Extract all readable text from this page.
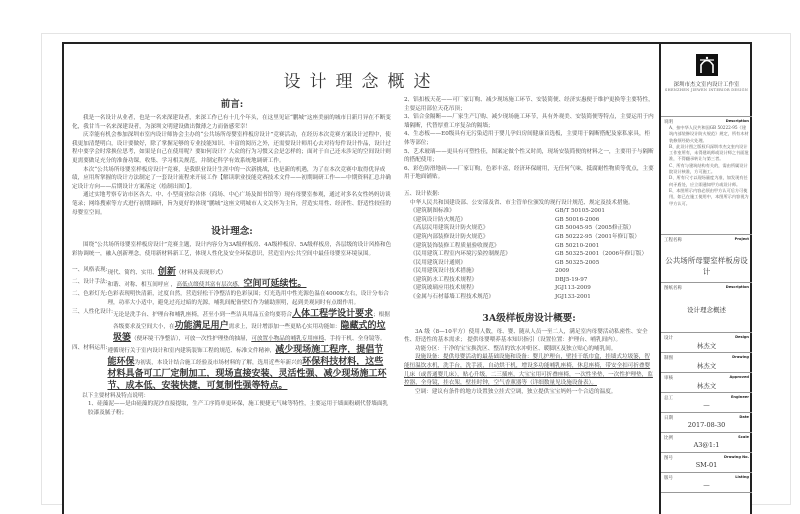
设计理念概述
前言:

我是一名设计从业者，也是一名来深建设者，来深工作已有十几个年头，在这里见证“鹏城”这座美丽的城市日新月异在不断变化，我甘当一名来深建设者，为深圳文明建设做出微薄之力而备感荣幸！

庆幸能有机会参加深圳市室内设计师协会主办的“公共场所母婴室样板房设计”竞赛活动，在经历本次竞赛方案设计过程中，使我更加清楚明白，设计要做好，除了掌握足够的专业技能知识、丰富的阅历之外，还需要设计师用心去对待每件设计作品，设计过程中要学会时常换位思考，如果是自己在使用呢？要如何设计？大众的行为习惯又会是怎样的；面对于自己还未涉足的空间设计则更需要做足充分的准备功课，收集、学习相关规范，并制定科学有效系统地调研工作。

本次“公共场所母婴室样板房设计”竞赛，是我职业设计生涯中的一次新挑战，也是新的机遇，为了在本次竞赛中取得优异成绩，应用所掌握的设计方法制定了一套设计流程来开展工作【解读职业技能竞赛技术文件——初期调研工作——中期资料汇总并确定设计方向——后期设计方案落定（绘制出图）】。

通过实地考察专访市区各大、中、小型商业综合体（商场、中心广场及图书馆等）现有母婴室参观，通过对多名女性妈妈访谈笔录；网络搜索等方式进行初期调研，旨为更好的体现“鹏城”这座文明城市人文关怀为主旨，营造实用性、经济性、舒适性较佳的母婴室空间。

设计理念:

围绕“公共场所母婴室样板房设计”竞赛主题，设计内容分为3A级样板房、4A级样板房、5A级样板房，各层级的设计风格和色彩协调统一，融入创新理念，使用新材料新工艺，体现人性化及安全环保意识，营造室内公共空间中最佳母婴室环境氛围。

一、风格表现: 现代、简约、实用、创新（材料及表现形式）
二、设计手法: 和谐、对称、相互间呼应 ，高低点缀使其富有层次感，空间可延续性。
二、色彩灯光: 色彩表现明快清新，过度自然，营造轻松干净整洁的色彩氛围；灯光选用中性光源色温在4000K左右，设计分布合理，功率大小适中，避免过亮过暗的光源，哺乳间配备壁灯作为辅助照明，起到美观同时有点缀作用。
三、人性化设计: 无论是洗手台、护理台和哺乳座椅，甚至小到一些洁具用品五金均要符合人体工程学设计要求；根据各级要求及空间大小，在功能满足用户需求上，设计增添加一些更贴心实用功能如：隐藏式的垃圾篓（便环境干净整洁），可放一次性护理垫的抽屉，可放置小物品的哺乳专用座椅、手持干机、全身镜等。
四、材料运用: 遵循现行关于室内设计和室内建筑装饰工程的规范、标准文件精神，减少现场施工程序，提倡节能环保为初衷，本设计结合施工经验及市场材料的了解，选用近些年新兴的环保科技材料，这些材料具备可工厂定制加工，现场直接安装、灵活性强、减少现场施工环节、成本低、安装快捷，可复制性强等特点。
以下主要材料及特点说明：
1、硅藻泥——是由硅藻的泥沙直接提取，生产工序简单更环保，施工便捷无气味等特性，主要运用于墙面粉刷代替墙面乳胶漆及腻子粉；
2、铝扣板天花——可厂家订购、减少现场施工环节、安装简便、经济实惠便于维护更换等主要特性，主要运用部位天花吊顶；
3、铝合金隔断——厂家生产订购、减少现场施工环节，具有外观美、安装简便等特点，主要运用于内墙隔断，代替厚重工序复杂的隔墙；
4、生态板——E0级具有无污染适用于婴儿孕妇房间健康首选板，主要用于隔断搭配及家私家具，柜体等部位；
5、艺术玻璃——更具有可塑性佳，图案定做个性又时尚，现场安装简便的材料之一，主要用于与隔断的搭配使用；
6、彩色防滑地砖——厂家订购，色彩丰富，经济环保耐用，无任何气味，抵腐耐性物质等优点，主要用于地面铺贴。
五、设计依据:
中华人民共和国建设部、公安部及省、市主管单位颁发的现行设计规范、规定及技术措施。
《建筑制图标准》	GB/T 50105-2001
《建筑设计防火规范》	GB 50016-2006
《高层民用建筑设计防火规范》	GB 50045-95（2005修正版）
《建筑内部装修设计防火规范》	GB 50222-95（2001年修订版）
《建筑装饰装修工程质量验收规范》	GB 50210-2001
《民用建筑工程室内环境污染控制规范》	GB 50325-2001（2006年修订版）
《民用建筑设计通则》	GB 50325-2005
《民用建筑设计技术措施》	2009
《建筑防水工程技术规程》	DBJ5-19-97
《建筑玻璃应用技术规程》	JGJ113-2009
《金属与石材幕墙工程技术规范》	JGJ133-2001
3A级样板房设计概要:

3A 级（8—10平方）使用人数，母、婴、随从人员一至二人，满足室内母婴活动私密性、安全性、舒适性的基本需求； 提供母婴喂养基本知识指引（设置位置：护理台、哺乳间内）。

功能分区：干净的宝宝换洗区、整洁的饮水冲奶区、暖脚区及独立贴心的哺乳间。

设施设备：提供母婴活动的最基础设施和设备：婴儿护理台，壁挂干纸巾盒，挂墙式垃圾篓，智能恒温饮水机，洗手台，洗手液，自动烘干机，增设多功能哺乳座椅，休息座椅，带安全扣可折叠婴儿床（或普通婴儿床），贴心升级，二三插座，大宝宝用可折叠座椅，一次性坐垫，一次性护理垫，监控器，全身镜，挂衣架，壁挂时钟，空气香薰器等（详细数量见设施设备表）。

空调：建议有条件的地方设置独立挂式空调，独立提供宝宝妈妈一个合适的温度。

深圳市杰文室内设计工作室
SHENZHEN JIEWEN INTERIOR DESIGN
说明	Description
A、按中华人民共和国GB 50222-95《建筑内部装修设计防火规范》规定，所有木材装修须经防火处理。
B、此设计图之版权归深圳市杰文室内设计工作室所有，未得建筑师或设计师之书面批准，不得翻录转让与第三者。
C、所有与建筑结构有关的，需由所属设计院设计核准，方可施工。
D、所有尺寸以现场量度为准，如发现有任何矛盾处，应立即通知甲方或设计师。
E、本图所示内容必须由甲方认可后方可使用，如已在施工使用中，本图所示内容视为甲方认可。
工程名称	Project
公共场所母婴室样板房设计
图纸名称	Description
设计理念概述
设计	Design
林杰文
制图	Drawing
林杰文
审核	Approved
林杰文
总工	Engineer
—
日期	Date
2017-08-30
比例	Scale
A3@1:1
图号	Drawing No.
SM-01
版号	Listing
—
